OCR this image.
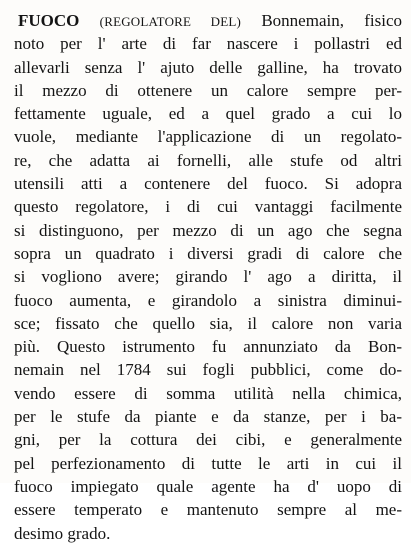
FUOCO (REGOLATORE DEL) Bonnemain, fisico
noto per l' arte di far nascere i pollastri ed
allevarli senza l' ajuto delle galline, ha trovato
il mezzo di ottenere un calore sempre per-
fettamente uguale, ed a quel grado a cui lo
vuole, mediante l'applicazione di un regolato-
re, che adatta ai fornelli, alle stufe od altri
utensili atti a contenere del fuoco. Si adopra
questo regolatore, i di cui vantaggi facilmente
si distinguono, per mezzo di un ago che segna
sopra un quadrato i diversi gradi di calore che
si vogliono avere; girando l' ago a diritta, il
fuoco aumenta, e girandolo a sinistra diminui-
sce; fissato che quello sia, il calore non varia
più. Questo istrumento fu annunziato da Bon-
nemain nel 1784 sui fogli pubblici, come do-
vendo essere di somma utilità nella chimica,
per le stufe da piante e da stanze, per i ba-
gni, per la cottura dei cibi, e generalmente
pel perfezionamento di tutte le arti in cui il
fuoco impiegato quale agente ha d' uopo di
essere temperato e mantenuto sempre al me-
desimo grado.
